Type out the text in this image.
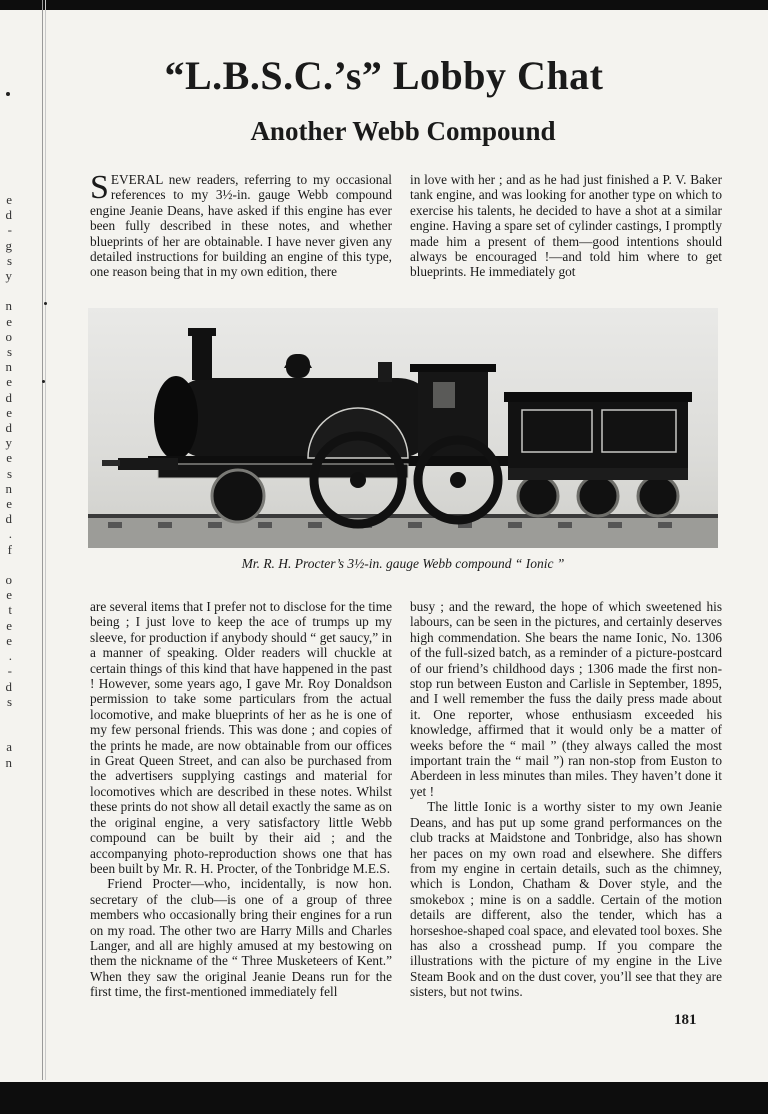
e
d
-
g
s
y

n
e
o
s
n
e
d
e
d
y
e
s
n
e
d
.
f

o
e
t
e
e
.
-
d
s

a
n
“L.B.S.C.’s” Lobby Chat
Another Webb Compound

SEVERAL new readers, referring to my occasional references to my 3½-in. gauge Webb compound engine Jeanie Deans, have asked if this engine has ever been fully described in these notes, and whether blueprints of her are obtainable. I have never given any detailed instructions for building an engine of this type, one reason being that in my own edition, there

in love with her ; and as he had just finished a P. V. Baker tank engine, and was looking for another type on which to exercise his talents, he decided to have a shot at a similar engine. Having a spare set of cylinder castings, I promptly made him a present of them—good intentions should always be encouraged !—and told him where to get blueprints. He immediately got

Mr. R. H. Procter’s 3½-in. gauge Webb compound “ Ionic ”

are several items that I prefer not to disclose for the time being ; I just love to keep the ace of trumps up my sleeve, for production if anybody should “ get saucy,” in a manner of speaking. Older readers will chuckle at certain things of this kind that have happened in the past ! However, some years ago, I gave Mr. Roy Donaldson permission to take some particulars from the actual locomotive, and make blueprints of her as he is one of my few personal friends. This was done ; and copies of the prints he made, are now obtainable from our offices in Great Queen Street, and can also be purchased from the advertisers supplying castings and material for locomotives which are described in these notes. Whilst these prints do not show all detail exactly the same as on the original engine, a very satisfactory little Webb compound can be built by their aid ; and the accompanying photo-reproduction shows one that has been built by Mr. R. H. Procter, of the Tonbridge M.E.S.

Friend Procter—who, incidentally, is now hon. secretary of the club—is one of a group of three members who occasionally bring their engines for a run on my road. The other two are Harry Mills and Charles Langer, and all are highly amused at my bestowing on them the nickname of the “ Three Musketeers of Kent.” When they saw the original Jeanie Deans run for the first time, the first-mentioned immediately fell

busy ; and the reward, the hope of which sweetened his labours, can be seen in the pictures, and certainly deserves high commendation. She bears the name Ionic, No. 1306 of the full-sized batch, as a reminder of a picture-postcard of our friend’s childhood days ; 1306 made the first non-stop run between Euston and Carlisle in September, 1895, and I well remember the fuss the daily press made about it. One reporter, whose enthusiasm exceeded his knowledge, affirmed that it would only be a matter of weeks before the “ mail ” (they always called the most important train the “ mail ”) ran non-stop from Euston to Aberdeen in less minutes than miles. They haven’t done it yet !

The little Ionic is a worthy sister to my own Jeanie Deans, and has put up some grand performances on the club tracks at Maidstone and Tonbridge, also has shown her paces on my own road and elsewhere. She differs from my engine in certain details, such as the chimney, which is London, Chatham & Dover style, and the smokebox ; mine is on a saddle. Certain of the motion details are different, also the tender, which has a horseshoe-shaped coal space, and elevated tool boxes. She has also a crosshead pump. If you compare the illustrations with the picture of my engine in the Live Steam Book and on the dust cover, you’ll see that they are sisters, but not twins.

181
